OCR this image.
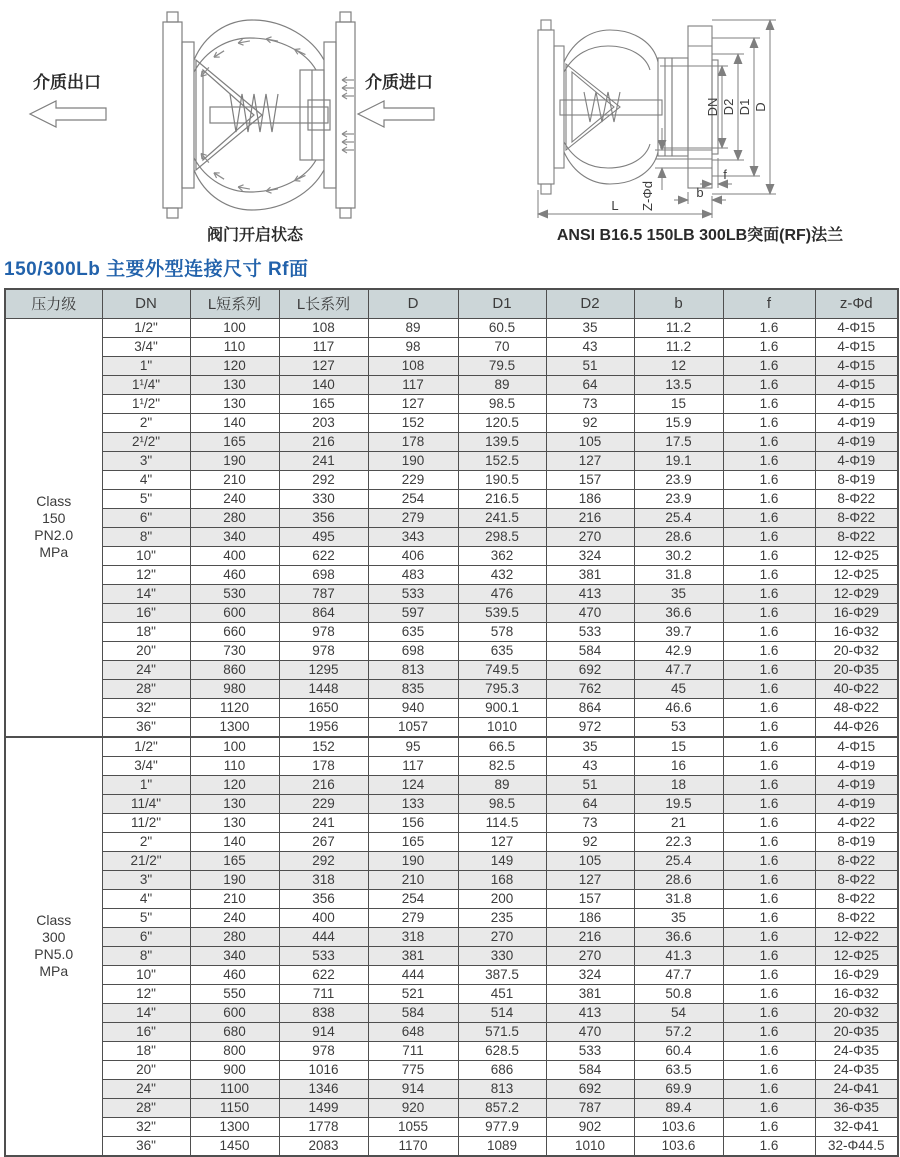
介质出口	介质进口
阀门开启状态
DN D2 D1 D
Z-Φd
L
b
f
ANSI B16.5 150LB 300LB突面(RF)法兰
150/300Lb 主要外型连接尺寸 Rf面
压力级	DN	L短系列	L长系列	D	D1	D2	b	f	z-Φd
Class
150
PN2.0
MPa	1/2"	100	108	89	60.5	35	11.2	1.6	4-Φ15
	3/4"	110	117	98	70	43	11.2	1.6	4-Φ15
	1"	120	127	108	79.5	51	12	1.6	4-Φ15
	1¹/4"	130	140	117	89	64	13.5	1.6	4-Φ15
	1¹/2"	130	165	127	98.5	73	15	1.6	4-Φ15
	2"	140	203	152	120.5	92	15.9	1.6	4-Φ19
	2¹/2"	165	216	178	139.5	105	17.5	1.6	4-Φ19
	3"	190	241	190	152.5	127	19.1	1.6	4-Φ19
	4"	210	292	229	190.5	157	23.9	1.6	8-Φ19
	5"	240	330	254	216.5	186	23.9	1.6	8-Φ22
	6"	280	356	279	241.5	216	25.4	1.6	8-Φ22
	8"	340	495	343	298.5	270	28.6	1.6	8-Φ22
	10"	400	622	406	362	324	30.2	1.6	12-Φ25
	12"	460	698	483	432	381	31.8	1.6	12-Φ25
	14"	530	787	533	476	413	35	1.6	12-Φ29
	16"	600	864	597	539.5	470	36.6	1.6	16-Φ29
	18"	660	978	635	578	533	39.7	1.6	16-Φ32
	20"	730	978	698	635	584	42.9	1.6	20-Φ32
	24"	860	1295	813	749.5	692	47.7	1.6	20-Φ35
	28"	980	1448	835	795.3	762	45	1.6	40-Φ22
	32"	1120	1650	940	900.1	864	46.6	1.6	48-Φ22
	36"	1300	1956	1057	1010	972	53	1.6	44-Φ26
Class
300
PN5.0
MPa	1/2"	100	152	95	66.5	35	15	1.6	4-Φ15
	3/4"	110	178	117	82.5	43	16	1.6	4-Φ19
	1"	120	216	124	89	51	18	1.6	4-Φ19
	11/4"	130	229	133	98.5	64	19.5	1.6	4-Φ19
	11/2"	130	241	156	114.5	73	21	1.6	4-Φ22
	2"	140	267	165	127	92	22.3	1.6	8-Φ19
	21/2"	165	292	190	149	105	25.4	1.6	8-Φ22
	3"	190	318	210	168	127	28.6	1.6	8-Φ22
	4"	210	356	254	200	157	31.8	1.6	8-Φ22
	5"	240	400	279	235	186	35	1.6	8-Φ22
	6"	280	444	318	270	216	36.6	1.6	12-Φ22
	8"	340	533	381	330	270	41.3	1.6	12-Φ25
	10"	460	622	444	387.5	324	47.7	1.6	16-Φ29
	12"	550	711	521	451	381	50.8	1.6	16-Φ32
	14"	600	838	584	514	413	54	1.6	20-Φ32
	16"	680	914	648	571.5	470	57.2	1.6	20-Φ35
	18"	800	978	711	628.5	533	60.4	1.6	24-Φ35
	20"	900	1016	775	686	584	63.5	1.6	24-Φ35
	24"	1100	1346	914	813	692	69.9	1.6	24-Φ41
	28"	1150	1499	920	857.2	787	89.4	1.6	36-Φ35
	32"	1300	1778	1055	977.9	902	103.6	1.6	32-Φ41
	36"	1450	2083	1170	1089	1010	103.6	1.6	32-Φ44.5
